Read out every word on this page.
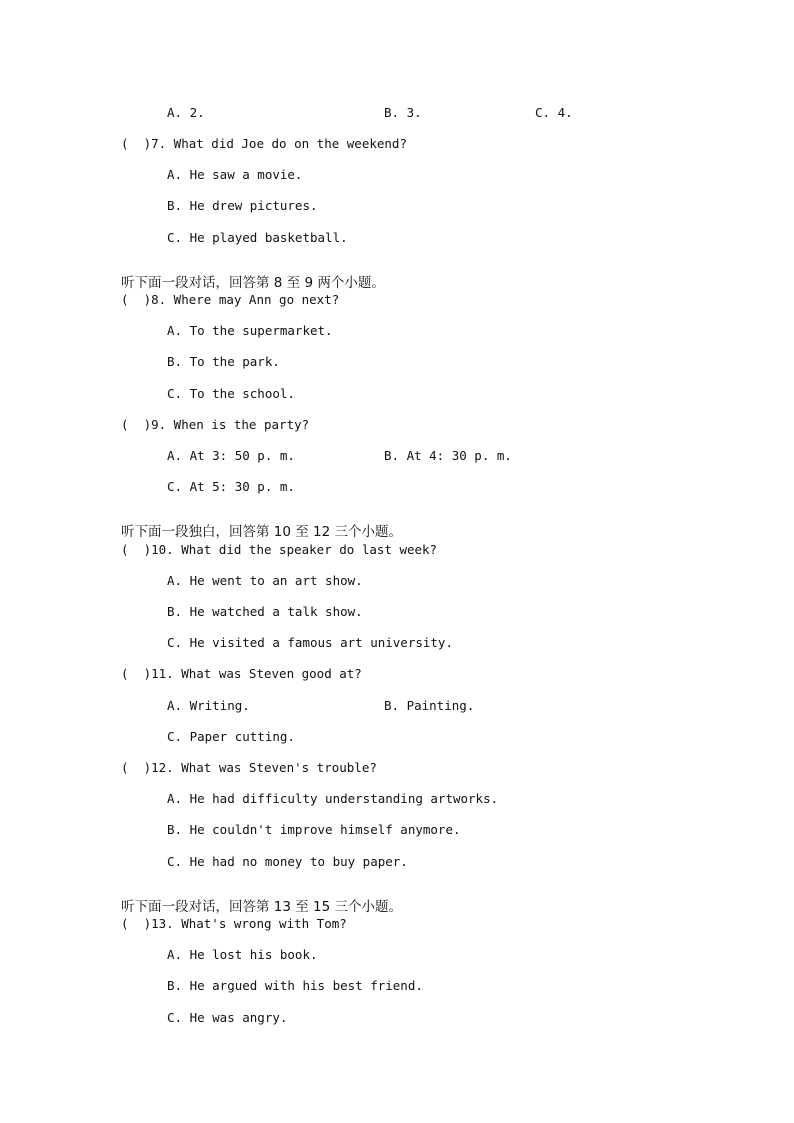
A. 2.	B. 3.	C. 4.

(  )7. What did Joe do on the weekend?

A. He saw a movie.

B. He drew pictures.

C. He played basketball.

听下面一段对话，回答第 8 至 9 两个小题。

(  )8. Where may Ann go next?

A. To the supermarket.

B. To the park.

C. To the school.

(  )9. When is the party?

A. At 3: 50 p. m.	B. At 4: 30 p. m.

C. At 5: 30 p. m.

听下面一段独白，回答第 10 至 12 三个小题。

(  )10. What did the speaker do last week?

A. He went to an art show.

B. He watched a talk show.

C. He visited a famous art university.

(  )11. What was Steven good at?

A. Writing.	B. Painting.

C. Paper cutting.

(  )12. What was Steven's trouble?

A. He had difficulty understanding artworks.

B. He couldn't improve himself anymore.

C. He had no money to buy paper.

听下面一段对话，回答第 13 至 15 三个小题。

(  )13. What's wrong with Tom?

A. He lost his book.

B. He argued with his best friend.

C. He was angry.
